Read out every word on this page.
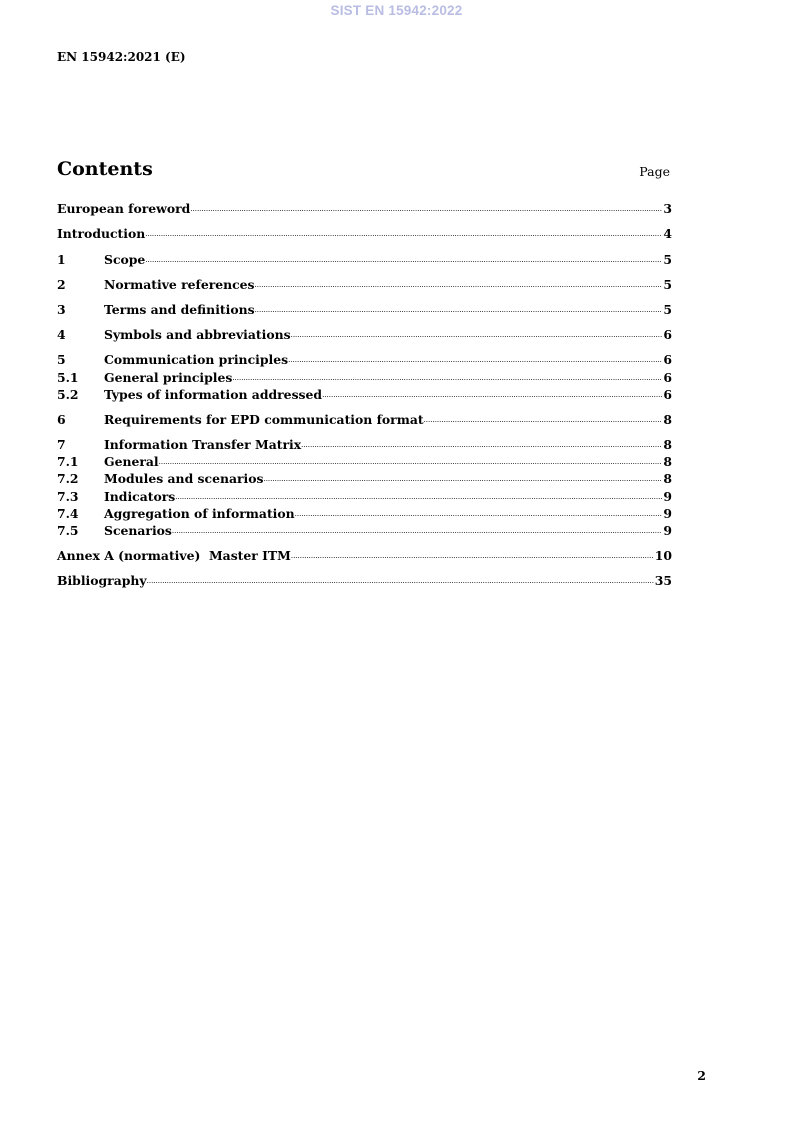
SIST EN 15942:2022
EN 15942:2021 (E)
Contents	Page
European foreword .....	3
Introduction .....	4
1	Scope .....	5
2	Normative references .....	5
3	Terms and definitions .....	5
4	Symbols and abbreviations .....	6
5	Communication principles .....	6
5.1	General principles .....	6
5.2	Types of information addressed .....	6
6	Requirements for EPD communication format .....	8
7	Information Transfer Matrix .....	8
7.1	General .....	8
7.2	Modules and scenarios .....	8
7.3	Indicators .....	9
7.4	Aggregation of information .....	9
7.5	Scenarios .....	9
Annex A (normative)  Master ITM .....	10
Bibliography .....	35
2
